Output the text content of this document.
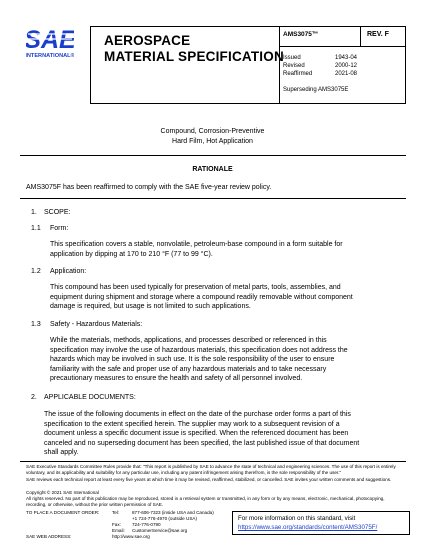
SAE
INTERNATIONAL®
AEROSPACE
MATERIAL SPECIFICATION
AMS3075™	REV. F
Issued	1943-04
Revised	2000-12
Reaffirmed	2021-08
Superseding AMS3075E
Compound, Corrosion-Preventive
Hard Film, Hot Application
RATIONALE
AMS3075F has been reaffirmed to comply with the SAE five-year review policy.
1. SCOPE:
1.1 Form:
This specification covers a stable, nonvolatile, petroleum-base compound in a form suitable for
application by dipping at 170 to 210 °F (77 to 99 °C).
1.2 Application:
This compound has been used typically for preservation of metal parts, tools, assemblies, and
equipment during shipment and storage where a compound readily removable without component
damage is required, but usage is not limited to such applications.
1.3 Safety - Hazardous Materials:
While the materials, methods, applications, and processes described or referenced in this
specification may involve the use of hazardous materials, this specification does not address the
hazards which may be involved in such use. It is the sole responsibility of the user to ensure
familiarity with the safe and proper use of any hazardous materials and to take necessary
precautionary measures to ensure the health and safety of all personnel involved.
2. APPLICABLE DOCUMENTS:
The issue of the following documents in effect on the date of the purchase order forms a part of this
specification to the extent specified herein. The supplier may work to a subsequent revision of a
document unless a specific document issue is specified. When the referenced document has been
canceled and no superseding document has been specified, the last published issue of that document
shall apply.
SAE Executive Standards Committee Rules provide that: "This report is published by SAE to advance the state of technical and engineering sciences. The use of this report is entirely voluntary, and its applicability and suitability for any particular use, including any patent infringement arising therefrom, is the sole responsibility of the user."
SAE reviews each technical report at least every five years at which time it may be revised, reaffirmed, stabilized, or cancelled. SAE invites your written comments and suggestions.
Copyright © 2021 SAE International
All rights reserved. No part of this publication may be reproduced, stored in a retrieval system or transmitted, in any form or by any means, electronic, mechanical, photocopying, recording, or otherwise, without the prior written permission of SAE.
TO PLACE A DOCUMENT ORDER:	Tel:	877-606-7323 (inside USA and Canada)
+1 724-776-4970 (outside USA)
Fax: 724-776-0790
Email: CustomerService@sae.org
SAE WEB ADDRESS:	http://www.sae.org
For more information on this standard, visit
https://www.sae.org/standards/content/AMS3075F/
